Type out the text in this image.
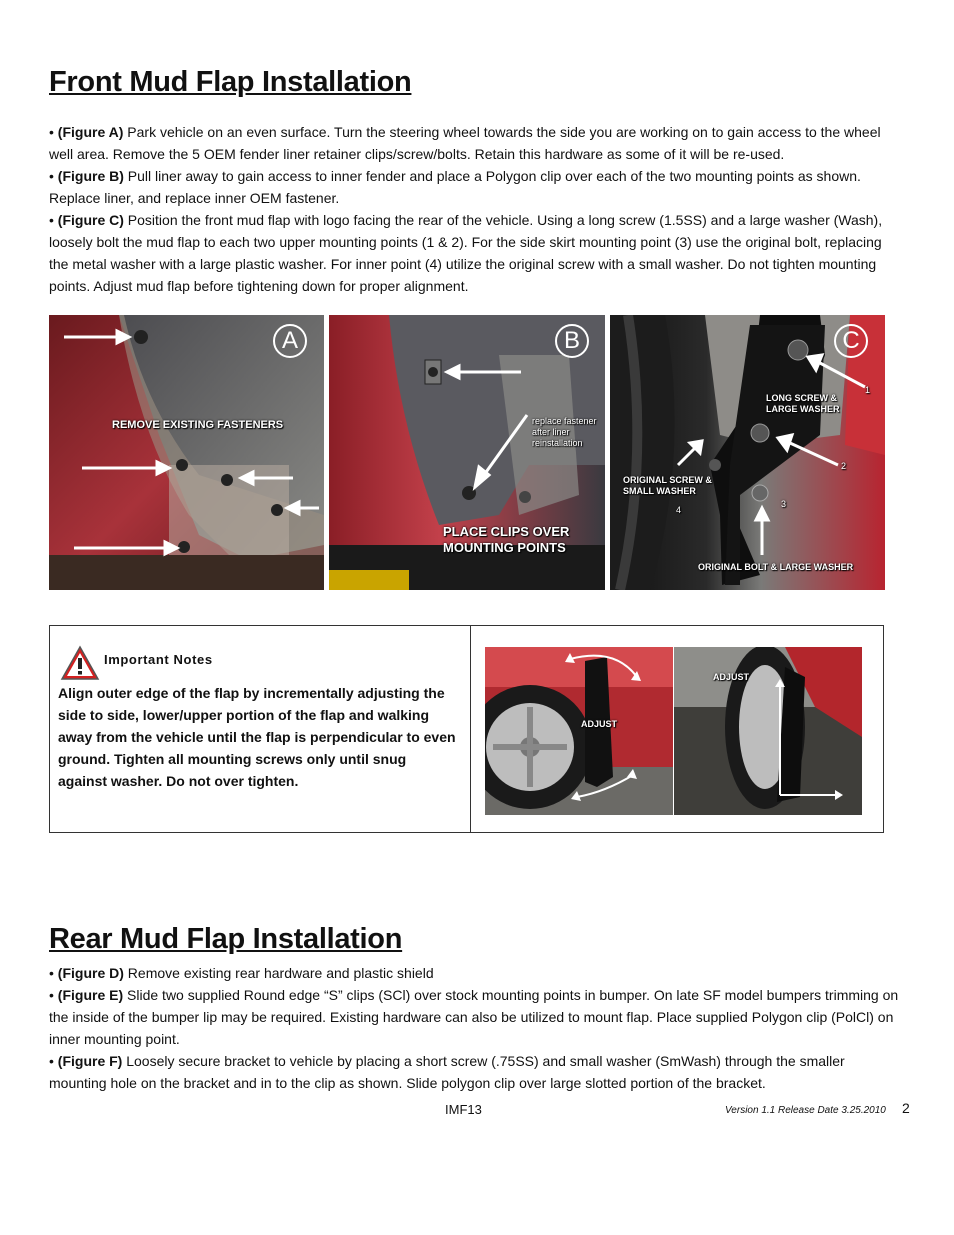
Front Mud Flap Installation

• (Figure A) Park vehicle on an even surface. Turn the steering wheel towards the side you are working on to gain access to the wheel well area. Remove the 5 OEM fender liner retainer clips/screw/bolts. Retain this hardware as some of it will be re-used.

• (Figure B) Pull liner away to gain access to inner fender and place a Polygon clip over each of the two mounting points as shown. Replace liner, and replace inner OEM fastener.

• (Figure C) Position the front mud flap with logo facing the rear of the vehicle. Using a long screw (1.5SS) and a large washer (Wash), loosely bolt the mud flap to each two upper mounting points (1 & 2). For the side skirt mounting point (3) use the original bolt, replacing the metal washer with a large plastic washer. For inner point (4) utilize the original screw with a small washer. Do not tighten mounting points. Adjust mud flap before tightening down for proper alignment.

A
REMOVE EXISTING FASTENERS
B
replace fastener after liner reinstallation
PLACE CLIPS OVER
MOUNTING POINTS
C
LONG SCREW &
LARGE WASHER
1
2
3
4
ORIGINAL SCREW &
SMALL WASHER
ORIGINAL BOLT & LARGE WASHER
Important Notes
Align outer edge of the flap by incrementally adjusting the side to side, lower/upper portion of the flap and walking away from the vehicle until the flap is perpendicular to even ground. Tighten all mounting screws only until snug against washer. Do not over tighten.
ADJUST
ADJUST
Rear Mud Flap Installation

• (Figure D) Remove existing rear hardware and plastic shield

• (Figure E) Slide two supplied Round edge “S” clips (SCl) over stock mounting points in bumper. On late SF model bumpers trimming on the inside of the bumper lip may be required. Existing hardware can also be utilized to mount flap. Place supplied Polygon clip (PolCl) on inner mounting point.

• (Figure F) Loosely secure bracket to vehicle by placing a short screw (.75SS) and small washer (SmWash) through the smaller mounting hole on the bracket and in to the clip as shown. Slide polygon clip over large slotted portion of the bracket.

IMF13	Version 1.1 Release Date 3.25.2010 2
